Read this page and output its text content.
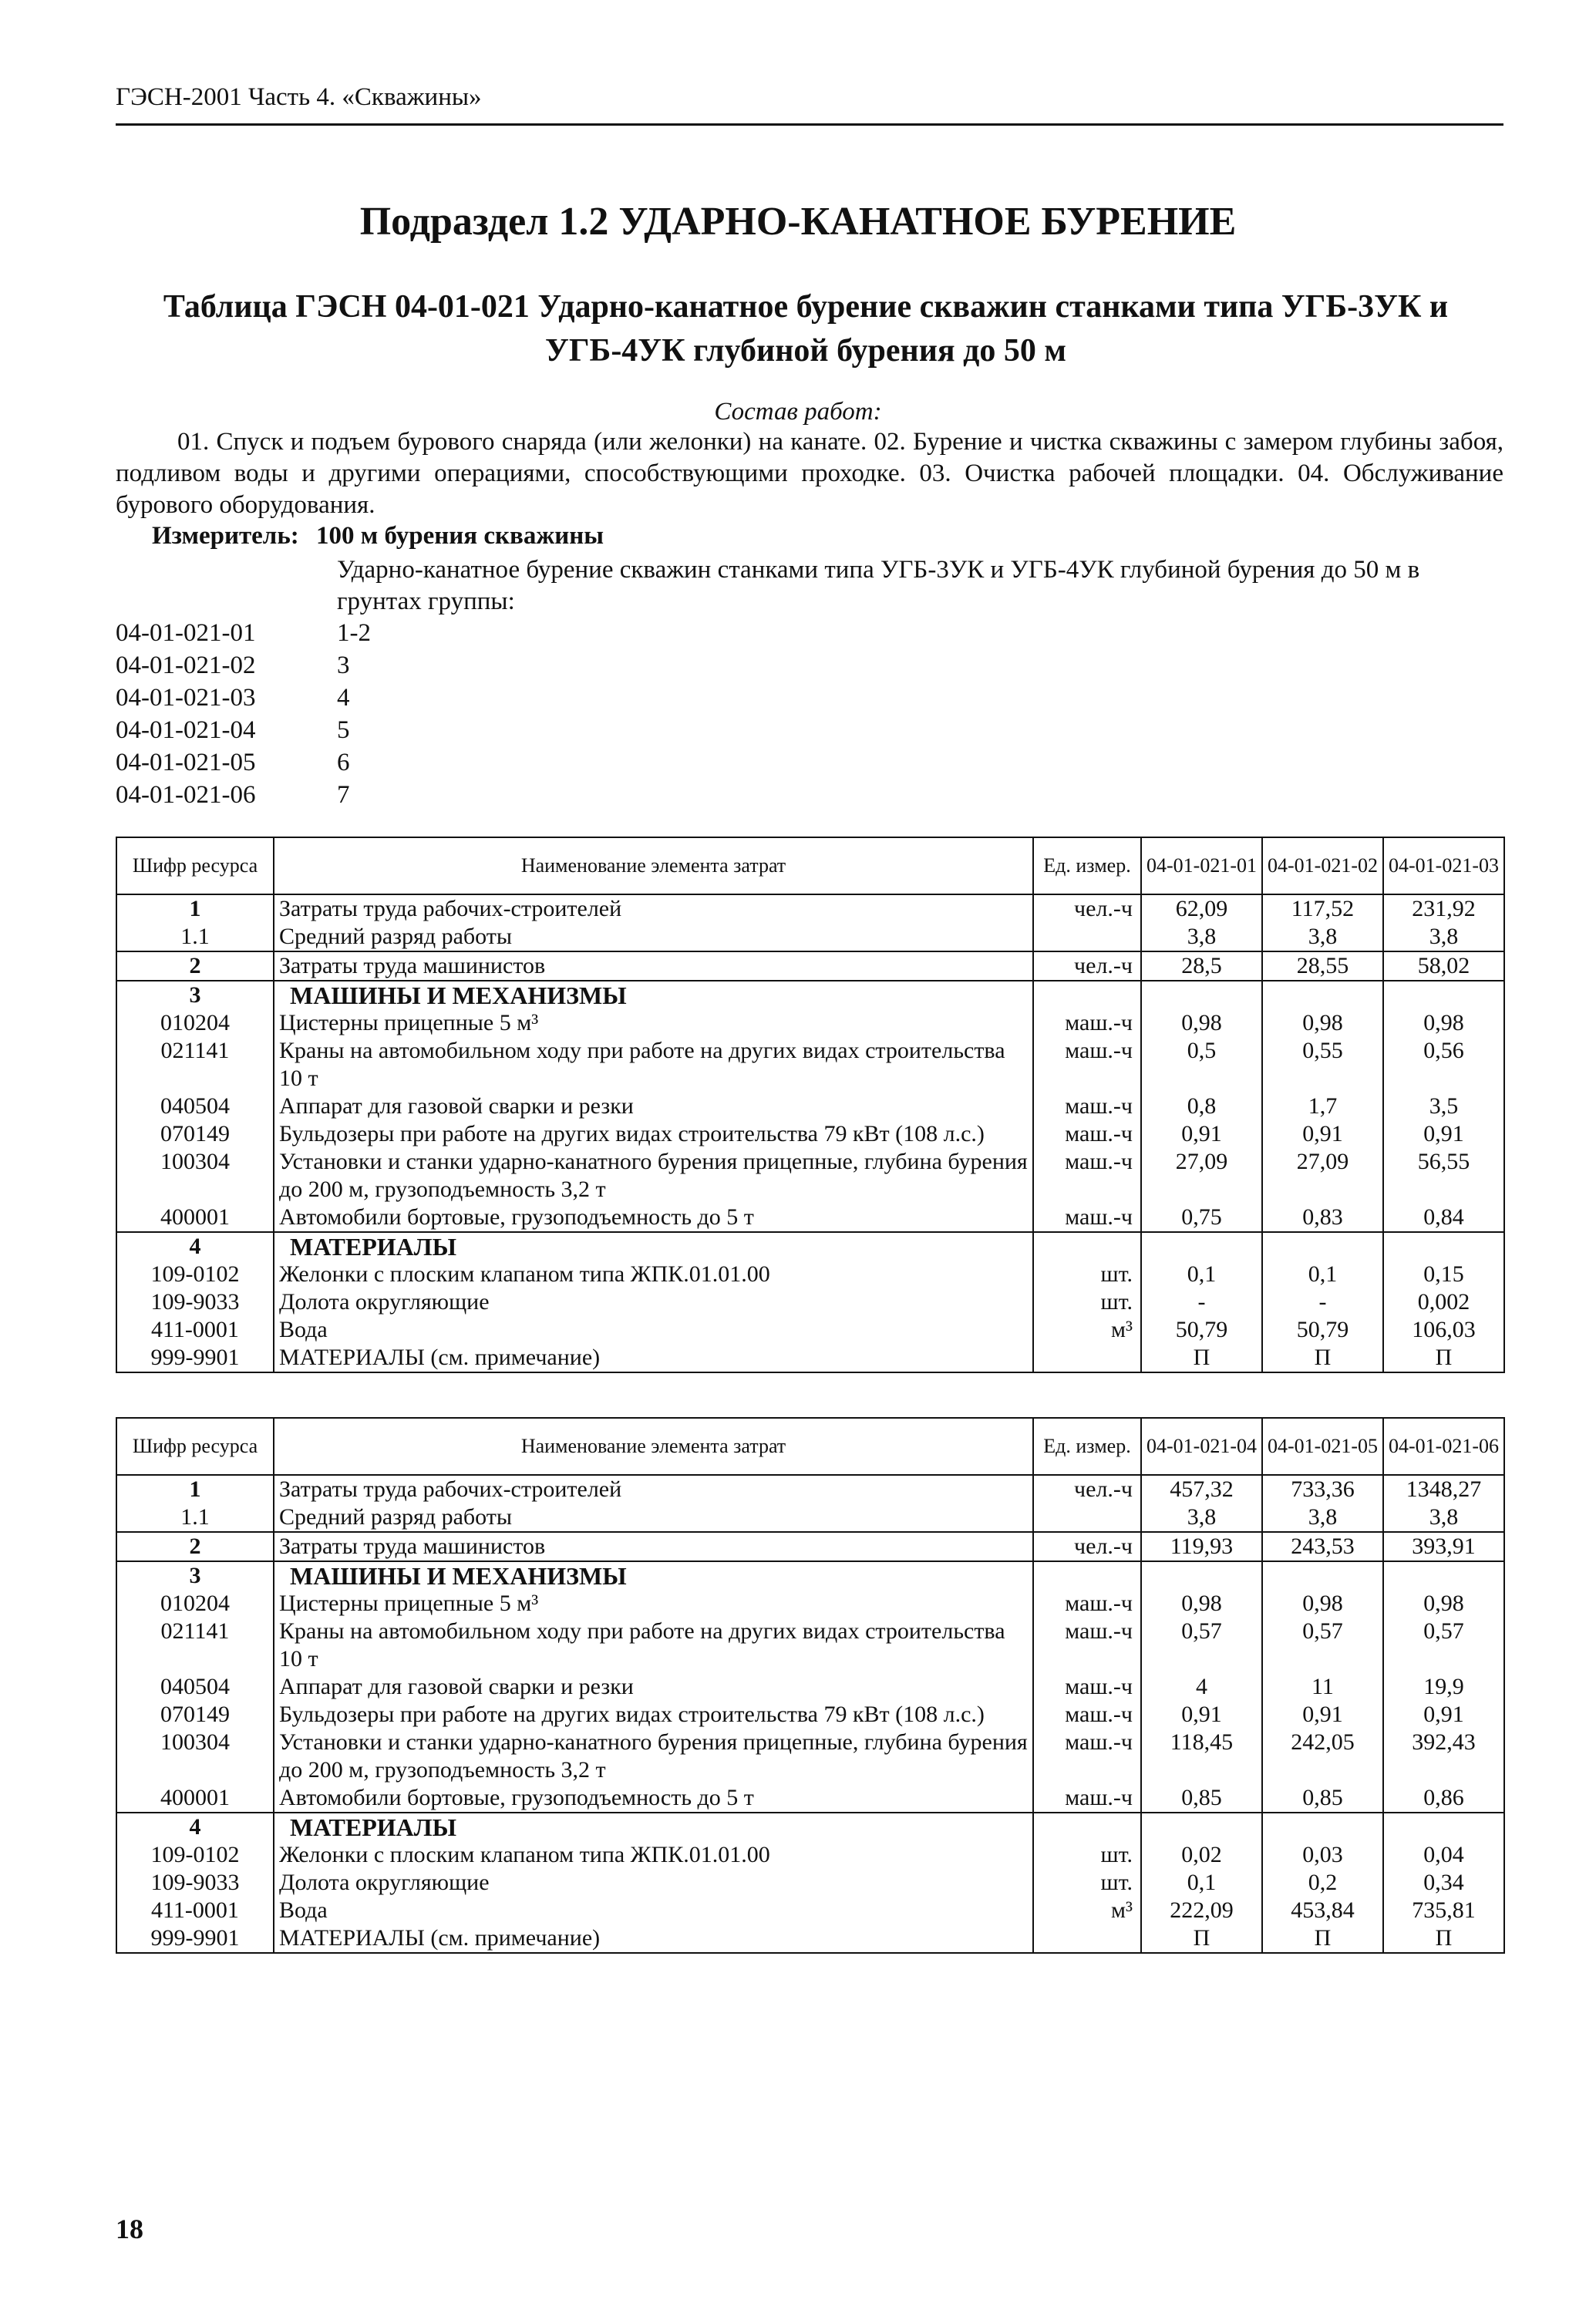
ГЭСН-2001 Часть 4. «Скважины»
Подраздел 1.2 УДАРНО-КАНАТНОЕ БУРЕНИЕ
Таблица ГЭСН 04-01-021 Ударно-канатное бурение скважин станками типа УГБ-3УК и УГБ-4УК глубиной бурения до 50 м
Состав работ:
01. Спуск и подъем бурового снаряда (или желонки) на канате. 02. Бурение и чистка скважины с замером глубины забоя, подливом воды и другими операциями, способствующими проходке. 03. Очистка рабочей площадки. 04. Обслуживание бурового оборудования.
Измеритель: 100 м бурения скважины
Ударно-канатное бурение скважин станками типа УГБ-3УК и УГБ-4УК глубиной бурения до 50 м в грунтах группы:
04-01-021-01	1-2
04-01-021-02	3
04-01-021-03	4
04-01-021-04	5
04-01-021-05	6
04-01-021-06	7
Шифр ресурса	Наименование элемента затрат	Ед. измер.	04-01-021-01	04-01-021-02	04-01-021-03
1	Затраты труда рабочих-строителей	чел.-ч	62,09	117,52	231,92
1.1	Средний разряд работы		3,8	3,8	3,8
2	Затраты труда машинистов	чел.-ч	28,5	28,55	58,02
3	МАШИНЫ И МЕХАНИЗМЫ				
010204	Цистерны прицепные 5 м³	маш.-ч	0,98	0,98	0,98
021141	Краны на автомобильном ходу при работе на других видах строительства 10 т	маш.-ч	0,5	0,55	0,56
040504	Аппарат для газовой сварки и резки	маш.-ч	0,8	1,7	3,5
070149	Бульдозеры при работе на других видах строительства 79 кВт (108 л.с.)	маш.-ч	0,91	0,91	0,91
100304	Установки и станки ударно-канатного бурения прицепные, глубина бурения до 200 м, грузоподъемность 3,2 т	маш.-ч	27,09	27,09	56,55
400001	Автомобили бортовые, грузоподъемность до 5 т	маш.-ч	0,75	0,83	0,84
4	МАТЕРИАЛЫ				
109-0102	Желонки с плоским клапаном типа ЖПК.01.01.00	шт.	0,1	0,1	0,15
109-9033	Долота округляющие	шт.	-	-	0,002
411-0001	Вода	м³	50,79	50,79	106,03
999-9901	МАТЕРИАЛЫ (см. примечание)		П	П	П
Шифр ресурса	Наименование элемента затрат	Ед. измер.	04-01-021-04	04-01-021-05	04-01-021-06
1	Затраты труда рабочих-строителей	чел.-ч	457,32	733,36	1348,27
1.1	Средний разряд работы		3,8	3,8	3,8
2	Затраты труда машинистов	чел.-ч	119,93	243,53	393,91
3	МАШИНЫ И МЕХАНИЗМЫ				
010204	Цистерны прицепные 5 м³	маш.-ч	0,98	0,98	0,98
021141	Краны на автомобильном ходу при работе на других видах строительства 10 т	маш.-ч	0,57	0,57	0,57
040504	Аппарат для газовой сварки и резки	маш.-ч	4	11	19,9
070149	Бульдозеры при работе на других видах строительства 79 кВт (108 л.с.)	маш.-ч	0,91	0,91	0,91
100304	Установки и станки ударно-канатного бурения прицепные, глубина бурения до 200 м, грузоподъемность 3,2 т	маш.-ч	118,45	242,05	392,43
400001	Автомобили бортовые, грузоподъемность до 5 т	маш.-ч	0,85	0,85	0,86
4	МАТЕРИАЛЫ				
109-0102	Желонки с плоским клапаном типа ЖПК.01.01.00	шт.	0,02	0,03	0,04
109-9033	Долота округляющие	шт.	0,1	0,2	0,34
411-0001	Вода	м³	222,09	453,84	735,81
999-9901	МАТЕРИАЛЫ (см. примечание)		П	П	П
18
